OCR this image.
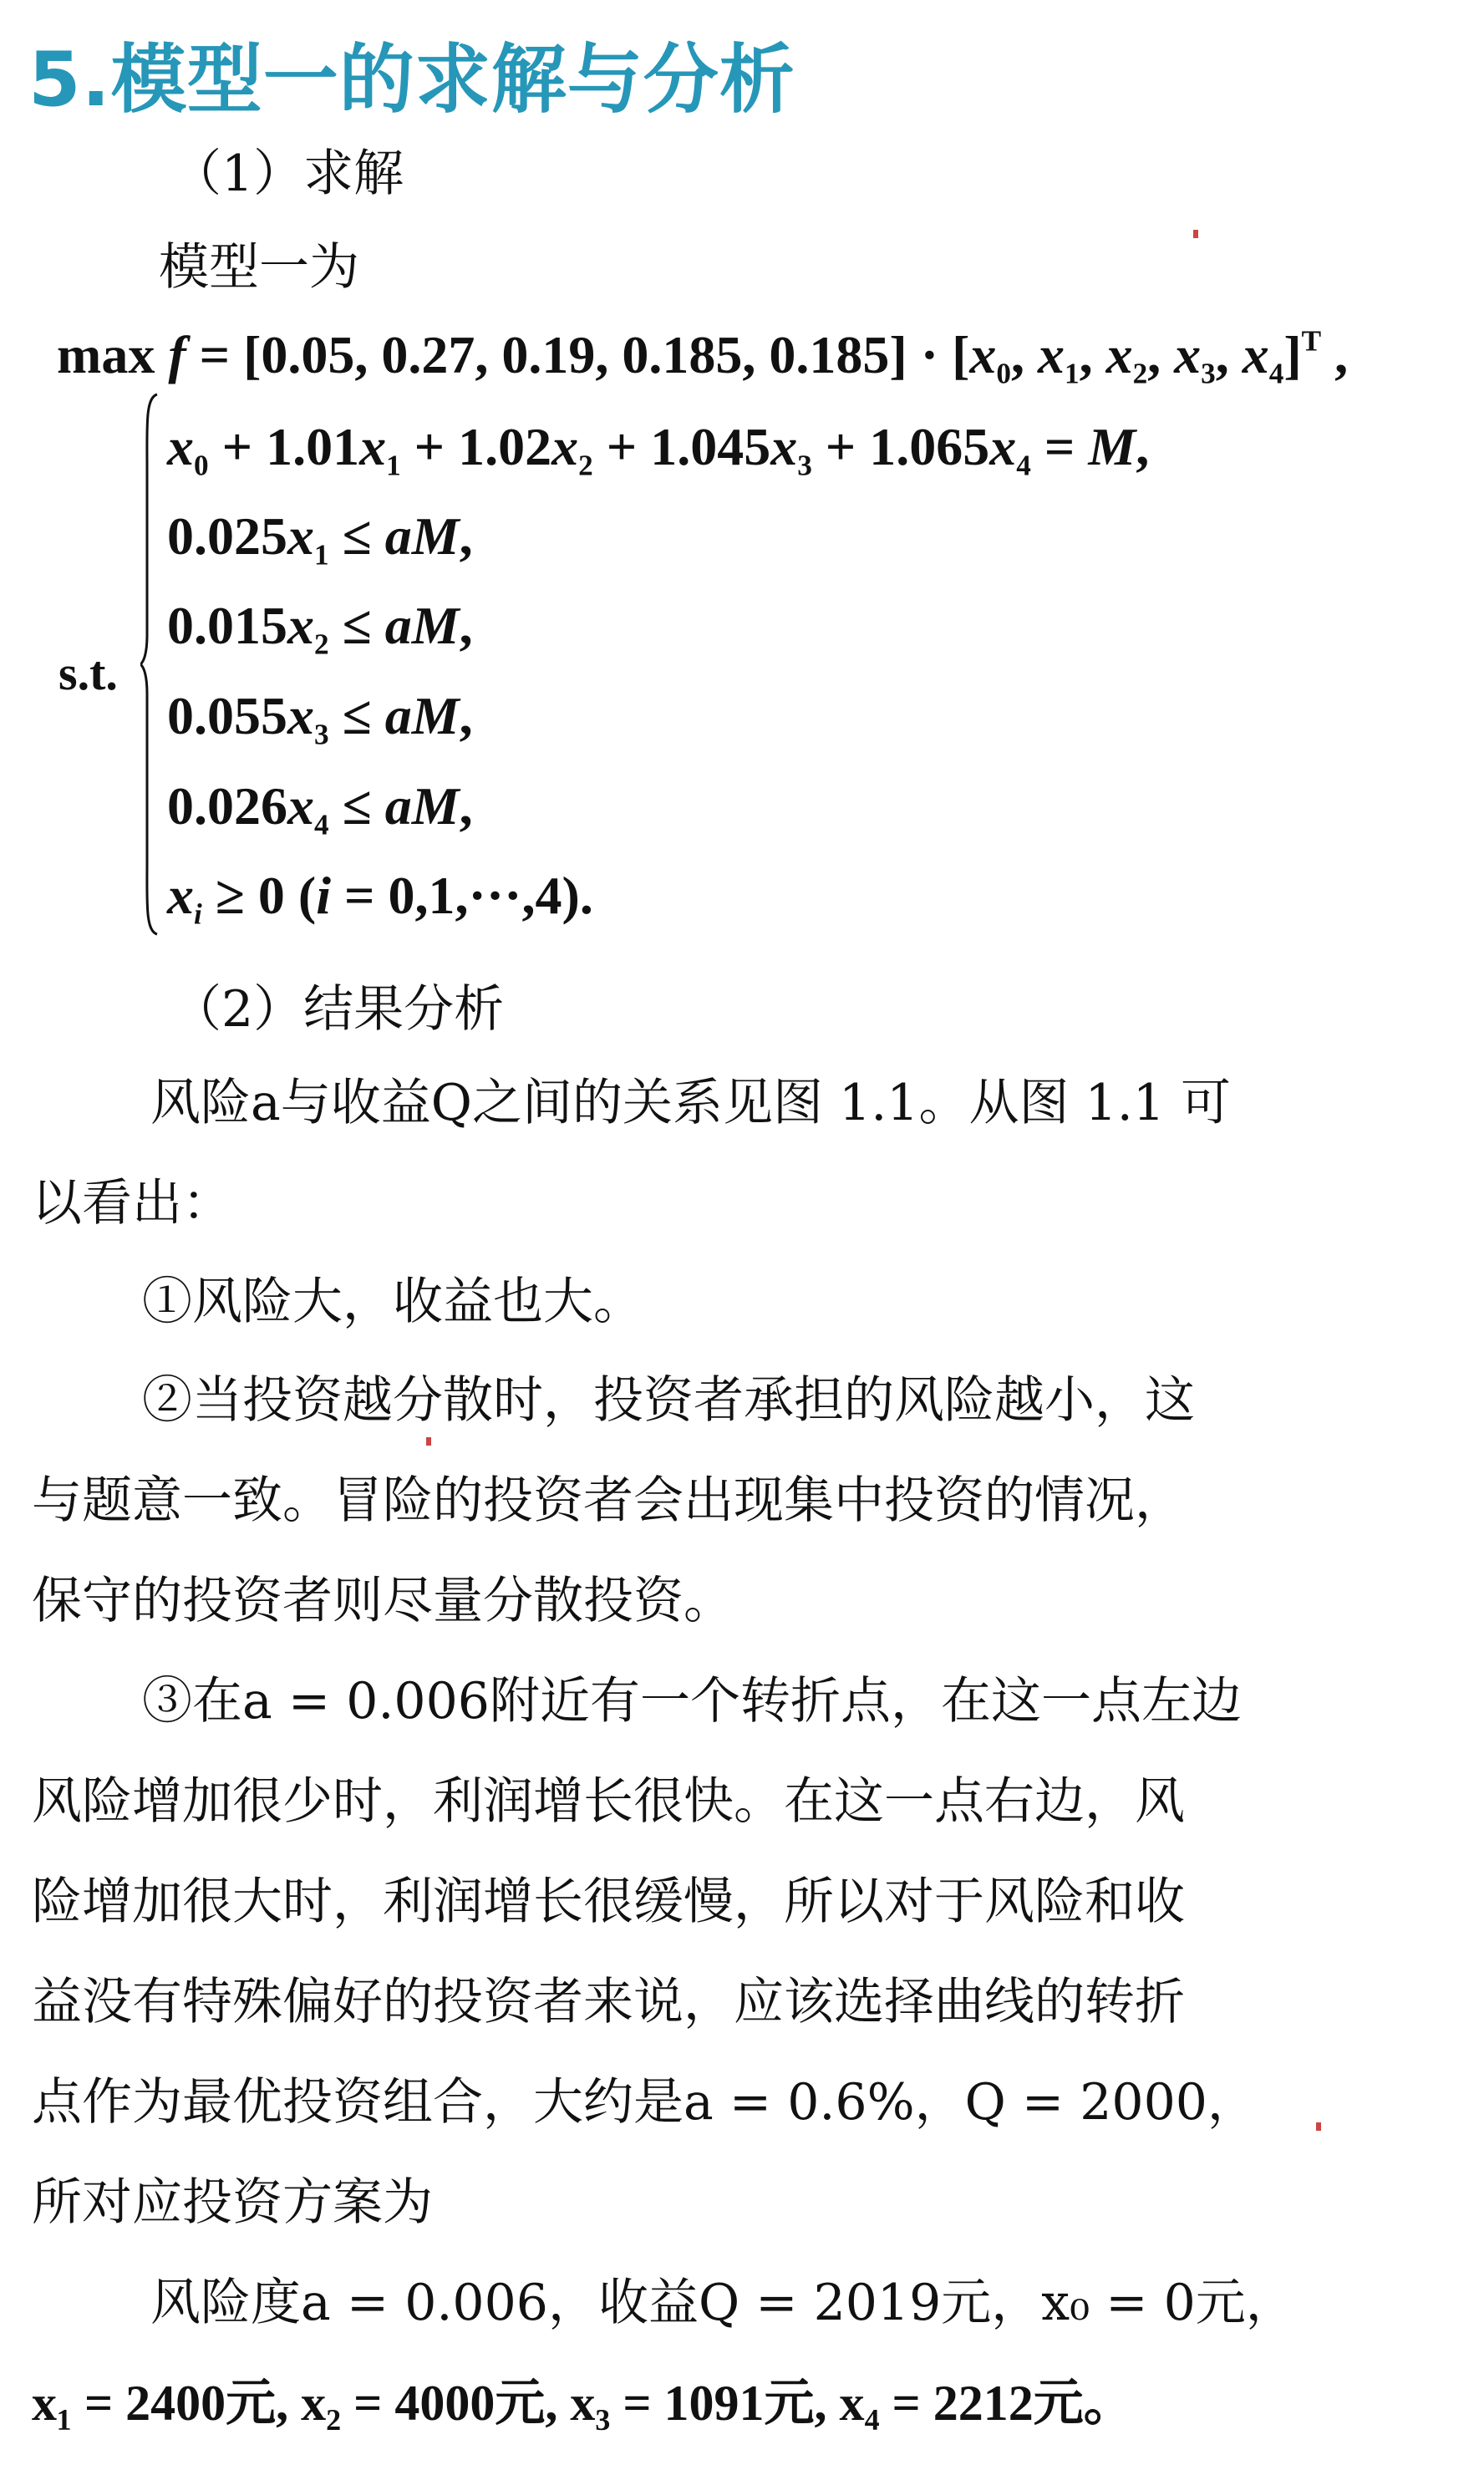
5.模型一的求解与分析
（1）求解
模型一为
max f = [0.05, 0.27, 0.19, 0.185, $0.185] \cdot [x_0$, $x_1$, $x_2$, $x_3$, $x_4]^T$ ,
s.t.
$x_0 + 1.01x_1 + 1.02x_2 + 1.045x_3 + 1.065x_4 = M$,
$0.025x_1$ ≤ aM,
$0.015x_2$ ≤ aM,
$0.055x_3$ ≤ aM,
$0.026x_4$ ≤ aM,
$x_i \ge 0$ (i = 0,1,···,4).
（2）结果分析
风险a与收益Q之间的关系见图 1.1。从图 1.1 可
以看出：
①风险大，收益也大。
②当投资越分散时，投资者承担的风险越小，这
与题意一致。冒险的投资者会出现集中投资的情况，
保守的投资者则尽量分散投资。
③在a = 0.006附近有一个转折点，在这一点左边
风险增加很少时，利润增长很快。在这一点右边，风
险增加很大时，利润增长很缓慢，所以对于风险和收
益没有特殊偏好的投资者来说，应该选择曲线的转折
点作为最优投资组合，大约是a = 0.6%，Q = 2000，
所对应投资方案为
风险度a = 0.006，收益Q = 2019元，x₀ = 0元，
x₁ = 2400元, x₂ = 4000元, x₃ = 1091元, x₄ = 2212元。
